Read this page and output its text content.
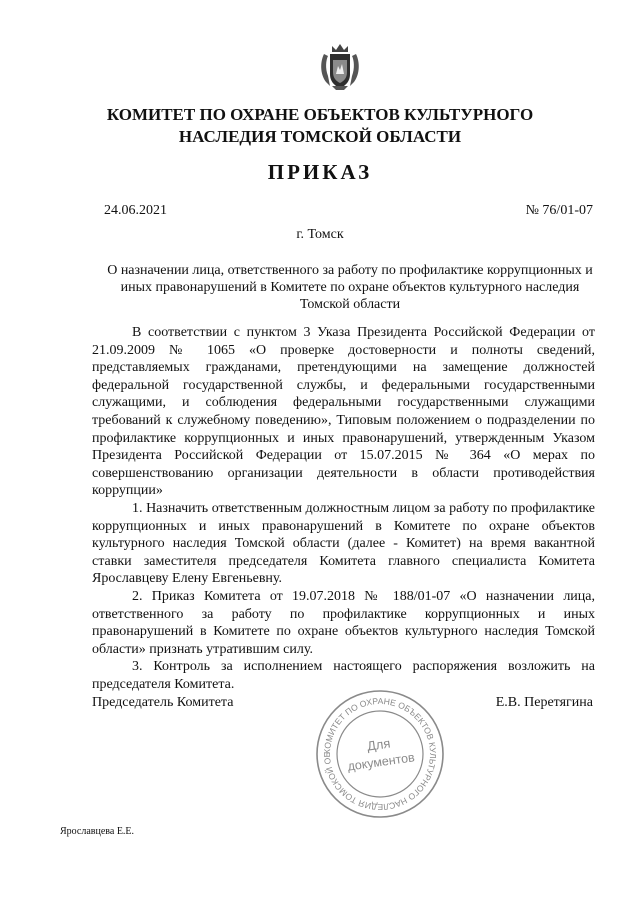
КОМИТЕТ ПО ОХРАНЕ ОБЪЕКТОВ КУЛЬТУРНОГО НАСЛЕДИЯ ТОМСКОЙ ОБЛАСТИ
ПРИКАЗ
24.06.2021	№ 76/01-07
г. Томск
О назначении лица, ответственного за работу по профилактике коррупционных и иных правонарушений в Комитете по охране объектов культурного наследия Томской области

В соответствии с пунктом 3 Указа Президента Российской Федерации от 21.09.2009 № 1065 «О проверке достоверности и полноты сведений, представляемых гражданами, претендующими на замещение должностей федеральной государственной службы, и федеральными государственными служащими, и соблюдения федеральными государственными служащими требований к служебному поведению», Типовым положением о подразделении по профилактике коррупционных и иных правонарушений, утвержденным Указом Президента Российской Федерации от 15.07.2015 № 364 «О мерах по совершенствованию организации деятельности в области противодействия коррупции»

1. Назначить ответственным должностным лицом за работу по профилактике коррупционных и иных правонарушений в Комитете по охране объектов культурного наследия Томской области (далее - Комитет) на время вакантной ставки заместителя председателя Комитета главного специалиста Комитета Ярославцеву Елену Евгеньевну.

2. Приказ Комитета от 19.07.2018 № 188/01-07 «О назначении лица, ответственного за работу по профилактике коррупционных и иных правонарушений в Комитете по охране объектов культурного наследия Томской области» признать утратившим силу.

3. Контроль за исполнением настоящего распоряжения возложить на председателя Комитета.

Председатель Комитета	Е.В. Перетягина
КОМИТЕТ ПО ОХРАНЕ ОБЪЕКТОВ КУЛЬТУРНОГО НАСЛЕДИЯ ТОМСКОЙ ОБ
Для
документов
Ярославцева Е.Е.
